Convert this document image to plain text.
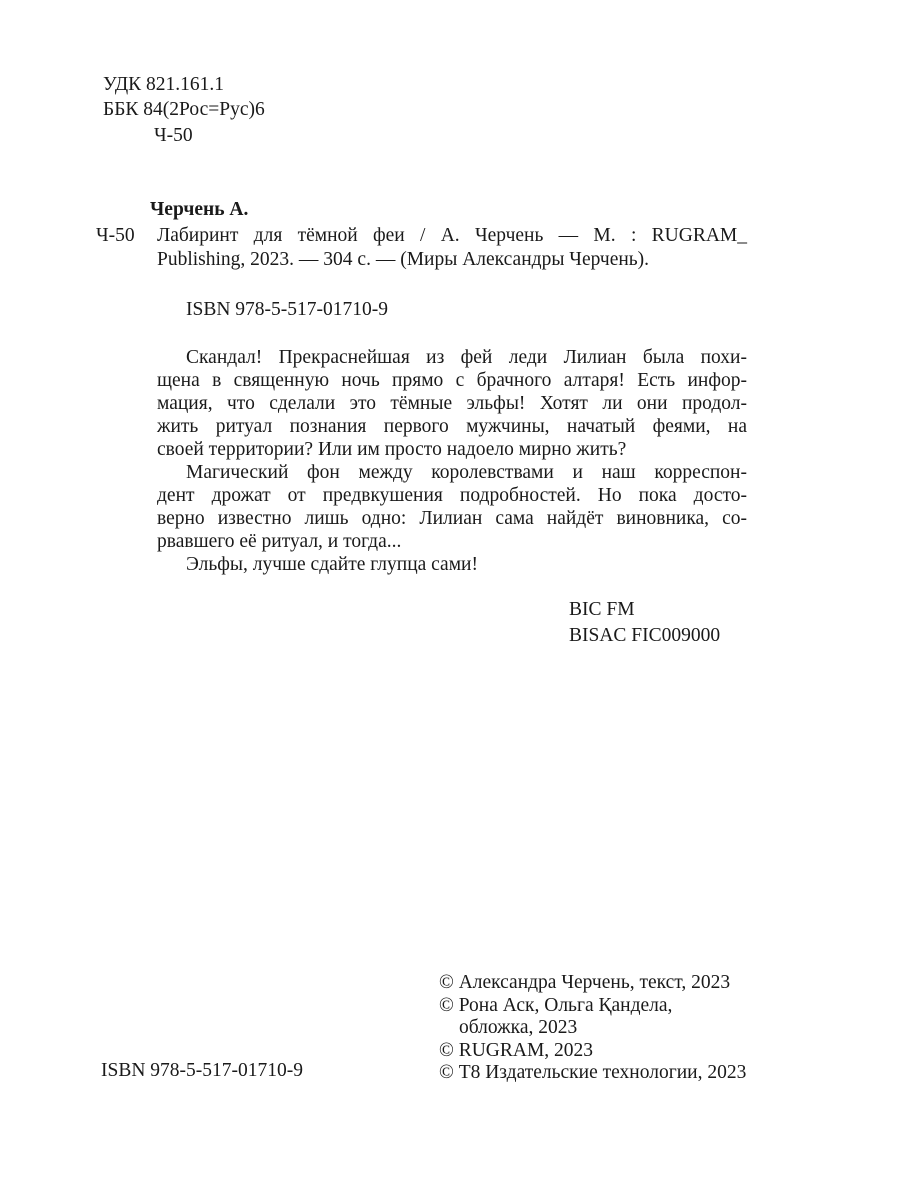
УДК 821.161.1
ББК 84(2Рос=Рус)6
Ч-50
Черчень А.
Ч-50 Лабиринт для тёмной феи / А. Черчень — М. : RUGRAM_
Publishing, 2023. — 304 с. — (Миры Александры Черчень).
ISBN 978-5-517-01710-9
Скандал! Прекраснейшая из фей леди Лилиан была похи-
щена в священную ночь прямо с брачного алтаря! Есть инфор-
мация, что сделали это тёмные эльфы! Хотят ли они продол-
жить ритуал познания первого мужчины, начатый феями, на
своей территории? Или им просто надоело мирно жить?
Магический фон между королевствами и наш корреспон-
дент дрожат от предвкушения подробностей. Но пока досто-
верно известно лишь одно: Лилиан сама найдёт виновника, со-
рвавшего её ритуал, и тогда...
Эльфы, лучше сдайте глупца сами!
BIC FM
BISAC FIC009000
ISBN 978-5-517-01710-9
© Александра Черчень, текст, 2023
© Рона Аск, Ольга Қандела,
обложка, 2023
© RUGRAM, 2023
© Т8 Издательские технологии, 2023
